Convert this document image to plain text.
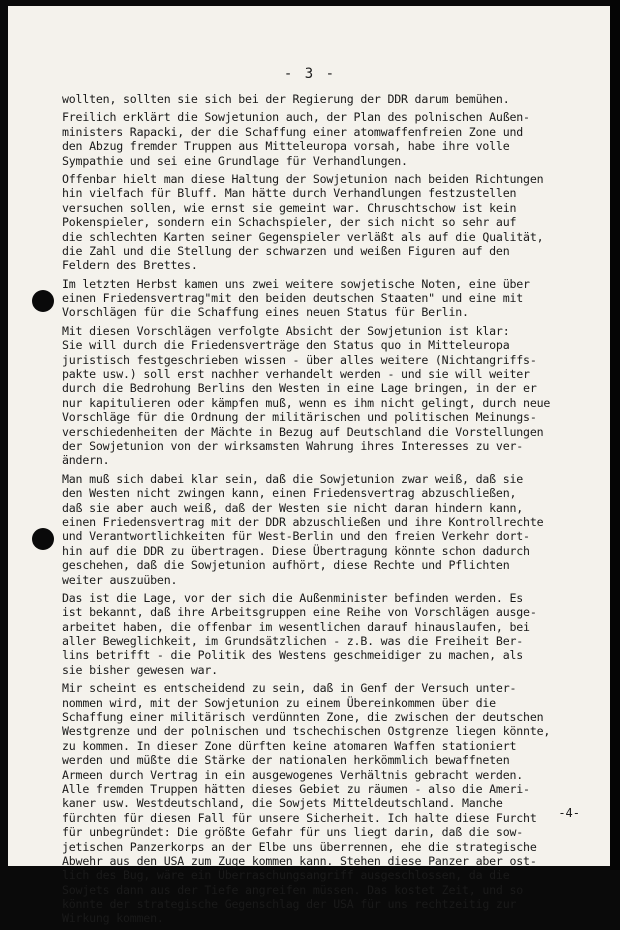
- 3 -
wollten, sollten sie sich bei der Regierung der DDR darum bemühen.
Freilich erklärt die Sowjetunion auch, der Plan des polnischen Außen-
ministers Rapacki, der die Schaffung einer atomwaffenfreien Zone und
den Abzug fremder Truppen aus Mitteleuropa vorsah, habe ihre volle
Sympathie und sei eine Grundlage für Verhandlungen.
Offenbar hielt man diese Haltung der Sowjetunion nach beiden Richtungen
hin vielfach für Bluff. Man hätte durch Verhandlungen festzustellen
versuchen sollen, wie ernst sie gemeint war. Chruschtschow ist kein
Pokenspieler, sondern ein Schachspieler, der sich nicht so sehr auf
die schlechten Karten seiner Gegenspieler verläßt als auf die Qualität,
die Zahl und die Stellung der schwarzen und weißen Figuren auf den
Feldern des Brettes.
Im letzten Herbst kamen uns zwei weitere sowjetische Noten, eine über
einen Friedensvertrag"mit den beiden deutschen Staaten" und eine mit
Vorschlägen für die Schaffung eines neuen Status für Berlin.
Mit diesen Vorschlägen verfolgte Absicht der Sowjetunion ist klar:
Sie will durch die Friedensverträge den Status quo in Mitteleuropa
juristisch festgeschrieben wissen - über alles weitere (Nichtangriffs-
pakte usw.) soll erst nachher verhandelt werden - und sie will weiter
durch die Bedrohung Berlins den Westen in eine Lage bringen, in der er
nur kapitulieren oder kämpfen muß, wenn es ihm nicht gelingt, durch neue
Vorschläge für die Ordnung der militärischen und politischen Meinungs-
verschiedenheiten der Mächte in Bezug auf Deutschland die Vorstellungen
der Sowjetunion von der wirksamsten Wahrung ihres Interesses zu ver-
ändern.
Man muß sich dabei klar sein, daß die Sowjetunion zwar weiß, daß sie
den Westen nicht zwingen kann, einen Friedensvertrag abzuschließen,
daß sie aber auch weiß, daß der Westen sie nicht daran hindern kann,
einen Friedensvertrag mit der DDR abzuschließen und ihre Kontrollrechte
und Verantwortlichkeiten für West-Berlin und den freien Verkehr dort-
hin auf die DDR zu übertragen. Diese Übertragung könnte schon dadurch
geschehen, daß die Sowjetunion aufhört, diese Rechte und Pflichten
weiter auszuüben.
Das ist die Lage, vor der sich die Außenminister befinden werden. Es
ist bekannt, daß ihre Arbeitsgruppen eine Reihe von Vorschlägen ausge-
arbeitet haben, die offenbar im wesentlichen darauf hinauslaufen, bei
aller Beweglichkeit, im Grundsätzlichen - z.B. was die Freiheit Ber-
lins betrifft - die Politik des Westens geschmeidiger zu machen, als
sie bisher gewesen war.
Mir scheint es entscheidend zu sein, daß in Genf der Versuch unter-
nommen wird, mit der Sowjetunion zu einem Übereinkommen über die
Schaffung einer militärisch verdünnten Zone, die zwischen der deutschen
Westgrenze und der polnischen und tschechischen Ostgrenze liegen könnte,
zu kommen. In dieser Zone dürften keine atomaren Waffen stationiert
werden und müßte die Stärke der nationalen herkömmlich bewaffneten
Armeen durch Vertrag in ein ausgewogenes Verhältnis gebracht werden.
Alle fremden Truppen hätten dieses Gebiet zu räumen - also die Ameri-
kaner usw. Westdeutschland, die Sowjets Mitteldeutschland. Manche
fürchten für diesen Fall für unsere Sicherheit. Ich halte diese Furcht
für unbegründet: Die größte Gefahr für uns liegt darin, daß die sow-
jetischen Panzerkorps an der Elbe uns überrennen, ehe die strategische
Abwehr aus den USA zum Zuge kommen kann. Stehen diese Panzer aber ost-
lich des Bug, wäre ein Überraschungsangriff ausgeschlossen, da die
Sowjets dann aus der Tiefe angreifen müssen. Das kostet Zeit, und so
könnte der strategische Gegenschlag der USA für uns rechtzeitig zur
Wirkung kommen.
-4-
